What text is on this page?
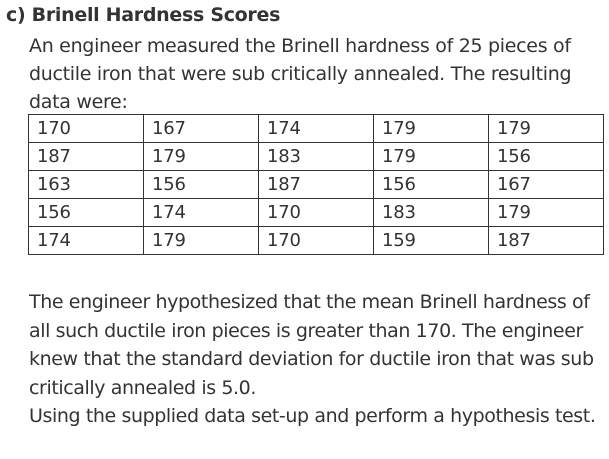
c) Brinell Hardness Scores
An engineer measured the Brinell hardness of 25 pieces of ductile iron that were sub critically annealed. The resulting data were:
170	167	174	179	179
187	179	183	179	156
163	156	187	156	167
156	174	170	183	179
174	179	170	159	187

The engineer hypothesized that the mean Brinell hardness of all such ductile iron pieces is greater than 170. The engineer knew that the standard deviation for ductile iron that was sub critically annealed is 5.0.

Using the supplied data set-up and perform a hypothesis test.
